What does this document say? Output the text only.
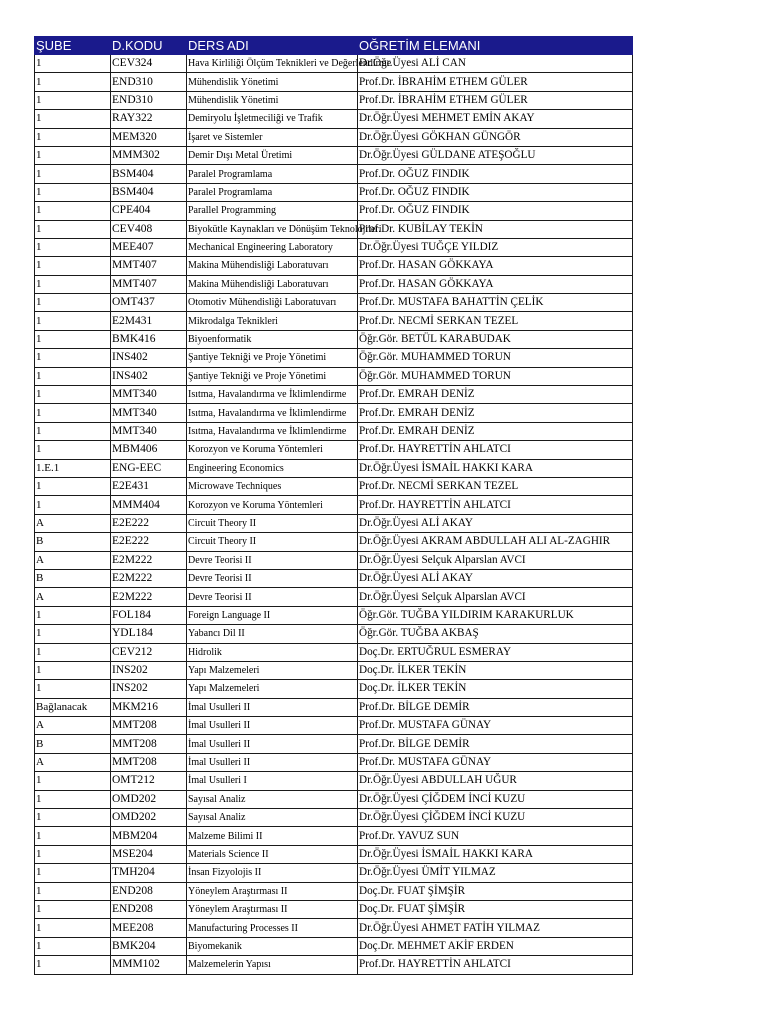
ŞUBE	D.KODU	DERS ADI	OĞRETİM ELEMANI
1	CEV324	Hava Kirliliği Ölçüm Teknikleri ve Değerlendirme	Dr.Öğr.Üyesi ALİ CAN
1	END310	Mühendislik Yönetimi	Prof.Dr. İBRAHİM ETHEM GÜLER
1	END310	Mühendislik Yönetimi	Prof.Dr. İBRAHİM ETHEM GÜLER
1	RAY322	Demiryolu İşletmeciliği ve Trafik	Dr.Öğr.Üyesi MEHMET EMİN AKAY
1	MEM320	İşaret ve Sistemler	Dr.Öğr.Üyesi GÖKHAN GÜNGÖR
1	MMM302	Demir Dışı Metal Üretimi	Dr.Öğr.Üyesi GÜLDANE ATEŞOĞLU
1	BSM404	Paralel Programlama	Prof.Dr. OĞUZ FINDIK
1	BSM404	Paralel Programlama	Prof.Dr. OĞUZ FINDIK
1	CPE404	Parallel Programming	Prof.Dr. OĞUZ FINDIK
1	CEV408	Biyokütle Kaynakları ve Dönüşüm Teknolojileri	Prof.Dr. KUBİLAY TEKİN
1	MEE407	Mechanical Engineering Laboratory	Dr.Öğr.Üyesi TUĞÇE YILDIZ
1	MMT407	Makina Mühendisliği Laboratuvarı	Prof.Dr. HASAN GÖKKAYA
1	MMT407	Makina Mühendisliği Laboratuvarı	Prof.Dr. HASAN GÖKKAYA
1	OMT437	Otomotiv Mühendisliği Laboratuvarı	Prof.Dr. MUSTAFA BAHATTİN ÇELİK
1	E2M431	Mikrodalga Teknikleri	Prof.Dr. NECMİ SERKAN TEZEL
1	BMK416	Biyoenformatik	Öğr.Gör. BETÜL KARABUDAK
1	INS402	Şantiye Tekniği ve Proje Yönetimi	Öğr.Gör. MUHAMMED TORUN
1	INS402	Şantiye Tekniği ve Proje Yönetimi	Öğr.Gör. MUHAMMED TORUN
1	MMT340	Isıtma, Havalandırma ve İklimlendirme	Prof.Dr. EMRAH DENİZ
1	MMT340	Isıtma, Havalandırma ve İklimlendirme	Prof.Dr. EMRAH DENİZ
1	MMT340	Isıtma, Havalandırma ve İklimlendirme	Prof.Dr. EMRAH DENİZ
1	MBM406	Korozyon ve Koruma Yöntemleri	Prof.Dr. HAYRETTİN AHLATCI
1.E.1	ENG-EEC	Engineering Economics	Dr.Öğr.Üyesi İSMAİL HAKKI KARA
1	E2E431	Microwave Techniques	Prof.Dr. NECMİ SERKAN TEZEL
1	MMM404	Korozyon ve Koruma Yöntemleri	Prof.Dr. HAYRETTİN AHLATCI
A	E2E222	Circuit Theory II	Dr.Öğr.Üyesi ALİ AKAY
B	E2E222	Circuit Theory II	Dr.Öğr.Üyesi AKRAM ABDULLAH ALI AL-ZAGHIR
A	E2M222	Devre Teorisi II	Dr.Öğr.Üyesi Selçuk Alparslan AVCI
B	E2M222	Devre Teorisi II	Dr.Öğr.Üyesi ALİ AKAY
A	E2M222	Devre Teorisi II	Dr.Öğr.Üyesi Selçuk Alparslan AVCI
1	FOL184	Foreign Language II	Öğr.Gör. TUĞBA YILDIRIM KARAKURLUK
1	YDL184	Yabancı Dil II	Öğr.Gör. TUĞBA AKBAŞ
1	CEV212	Hidrolik	Doç.Dr. ERTUĞRUL ESMERAY
1	INS202	Yapı Malzemeleri	Doç.Dr. İLKER TEKİN
1	INS202	Yapı Malzemeleri	Doç.Dr. İLKER TEKİN
Bağlanacak	MKM216	İmal Usulleri II	Prof.Dr. BİLGE DEMİR
A	MMT208	İmal Usulleri II	Prof.Dr. MUSTAFA GÜNAY
B	MMT208	İmal Usulleri II	Prof.Dr. BİLGE DEMİR
A	MMT208	İmal Usulleri II	Prof.Dr. MUSTAFA GÜNAY
1	OMT212	İmal Usulleri I	Dr.Öğr.Üyesi ABDULLAH UĞUR
1	OMD202	Sayısal Analiz	Dr.Öğr.Üyesi ÇİĞDEM İNCİ KUZU
1	OMD202	Sayısal Analiz	Dr.Öğr.Üyesi ÇİĞDEM İNCİ KUZU
1	MBM204	Malzeme Bilimi II	Prof.Dr. YAVUZ SUN
1	MSE204	Materials Science II	Dr.Öğr.Üyesi İSMAİL HAKKI KARA
1	TMH204	İnsan Fizyolojis II	Dr.Öğr.Üyesi ÜMİT YILMAZ
1	END208	Yöneylem Araştırması II	Doç.Dr. FUAT ŞİMŞİR
1	END208	Yöneylem Araştırması II	Doç.Dr. FUAT ŞİMŞİR
1	MEE208	Manufacturing Processes II	Dr.Öğr.Üyesi AHMET FATİH YILMAZ
1	BMK204	Biyomekanik	Doç.Dr. MEHMET AKİF ERDEN
1	MMM102	Malzemelerin Yapısı	Prof.Dr. HAYRETTİN AHLATCI
